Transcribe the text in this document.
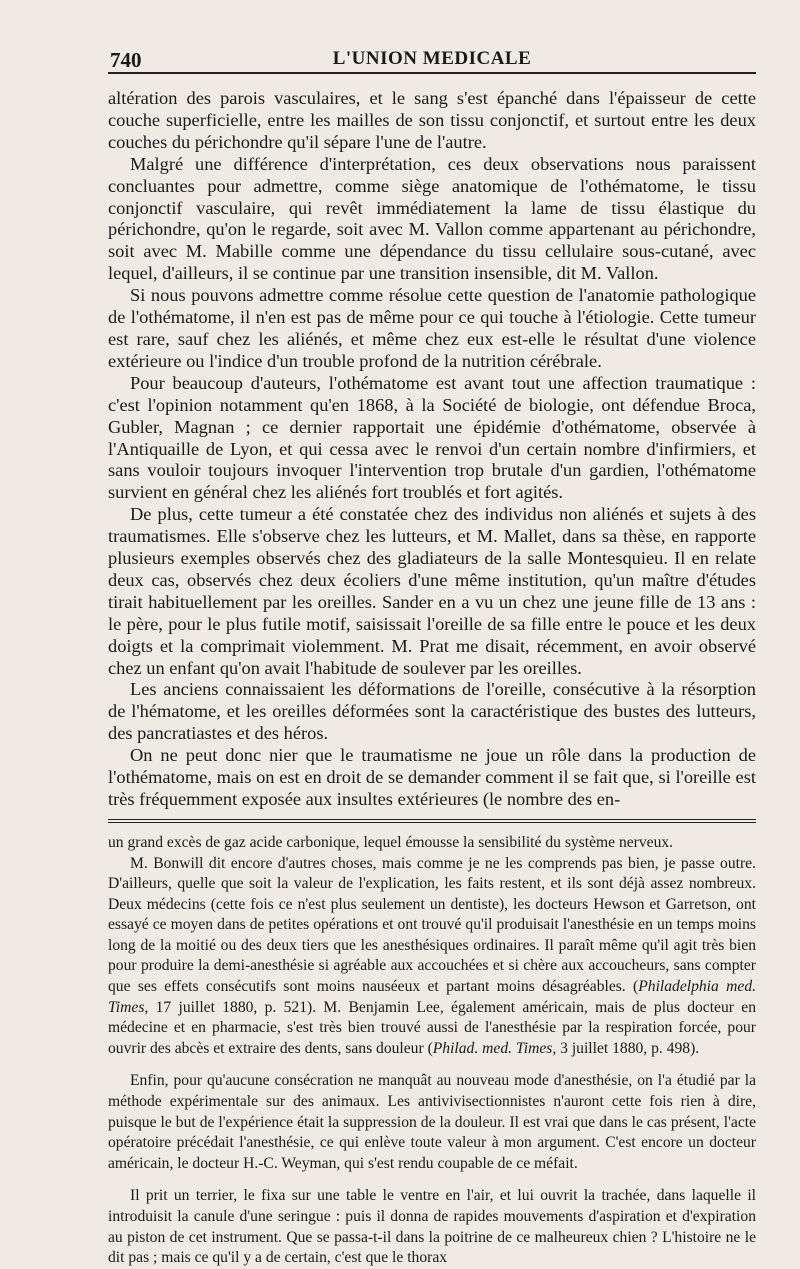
740	L'UNION MEDICALE

altération des parois vasculaires, et le sang s'est épanché dans l'épaisseur de cette couche superficielle, entre les mailles de son tissu conjonctif, et surtout entre les deux couches du périchondre qu'il sépare l'une de l'autre.

Malgré une différence d'interprétation, ces deux observations nous paraissent concluantes pour admettre, comme siège anatomique de l'othématome, le tissu conjonctif vasculaire, qui revêt immédiatement la lame de tissu élastique du périchondre, qu'on le regarde, soit avec M. Vallon comme appartenant au périchondre, soit avec M. Mabille comme une dépendance du tissu cellulaire sous-cutané, avec lequel, d'ailleurs, il se continue par une transition insensible, dit M. Vallon.

Si nous pouvons admettre comme résolue cette question de l'anatomie pathologique de l'othématome, il n'en est pas de même pour ce qui touche à l'étiologie. Cette tumeur est rare, sauf chez les aliénés, et même chez eux est-elle le résultat d'une violence extérieure ou l'indice d'un trouble profond de la nutrition cérébrale.

Pour beaucoup d'auteurs, l'othématome est avant tout une affection traumatique : c'est l'opinion notamment qu'en 1868, à la Société de biologie, ont défendue Broca, Gubler, Magnan ; ce dernier rapportait une épidémie d'othématome, observée à l'Antiquaille de Lyon, et qui cessa avec le renvoi d'un certain nombre d'infirmiers, et sans vouloir toujours invoquer l'intervention trop brutale d'un gardien, l'othématome survient en général chez les aliénés fort troublés et fort agités.

De plus, cette tumeur a été constatée chez des individus non aliénés et sujets à des traumatismes. Elle s'observe chez les lutteurs, et M. Mallet, dans sa thèse, en rapporte plusieurs exemples observés chez des gladiateurs de la salle Montesquieu. Il en relate deux cas, observés chez deux écoliers d'une même institution, qu'un maître d'études tirait habituellement par les oreilles. Sander en a vu un chez une jeune fille de 13 ans : le père, pour le plus futile motif, saisissait l'oreille de sa fille entre le pouce et les deux doigts et la comprimait violemment. M. Prat me disait, récemment, en avoir observé chez un enfant qu'on avait l'habitude de soulever par les oreilles.

Les anciens connaissaient les déformations de l'oreille, consécutive à la résorption de l'hématome, et les oreilles déformées sont la caractéristique des bustes des lutteurs, des pancratiastes et des héros.

On ne peut donc nier que le traumatisme ne joue un rôle dans la production de l'othématome, mais on est en droit de se demander comment il se fait que, si l'oreille est très fréquemment exposée aux insultes extérieures (le nombre des en-

un grand excès de gaz acide carbonique, lequel émousse la sensibilité du système nerveux.

M. Bonwill dit encore d'autres choses, mais comme je ne les comprends pas bien, je passe outre. D'ailleurs, quelle que soit la valeur de l'explication, les faits restent, et ils sont déjà assez nombreux. Deux médecins (cette fois ce n'est plus seulement un dentiste), les docteurs Hewson et Garretson, ont essayé ce moyen dans de petites opérations et ont trouvé qu'il produisait l'anesthésie en un temps moins long de la moitié ou des deux tiers que les anesthésiques ordinaires. Il paraît même qu'il agit très bien pour produire la demi-anesthésie si agréable aux accouchées et si chère aux accoucheurs, sans compter que ses effets consécutifs sont moins nauséeux et partant moins désagréables. (Philadelphia med. Times, 17 juillet 1880, p. 521). M. Benjamin Lee, également américain, mais de plus docteur en médecine et en pharmacie, s'est très bien trouvé aussi de l'anesthésie par la respiration forcée, pour ouvrir des abcès et extraire des dents, sans douleur (Philad. med. Times, 3 juillet 1880, p. 498).

Enfin, pour qu'aucune consécration ne manquât au nouveau mode d'anesthésie, on l'a étudié par la méthode expérimentale sur des animaux. Les antivivisectionnistes n'auront cette fois rien à dire, puisque le but de l'expérience était la suppression de la douleur. Il est vrai que dans le cas présent, l'acte opératoire précédait l'anesthésie, ce qui enlève toute valeur à mon argument. C'est encore un docteur américain, le docteur H.-C. Weyman, qui s'est rendu coupable de ce méfait.

Il prit un terrier, le fixa sur une table le ventre en l'air, et lui ouvrit la trachée, dans laquelle il introduisit la canule d'une seringue : puis il donna de rapides mouvements d'aspiration et d'expiration au piston de cet instrument. Que se passa-t-il dans la poitrine de ce malheureux chien ? L'histoire ne le dit pas ; mais ce qu'il y a de certain, c'est que le thorax
